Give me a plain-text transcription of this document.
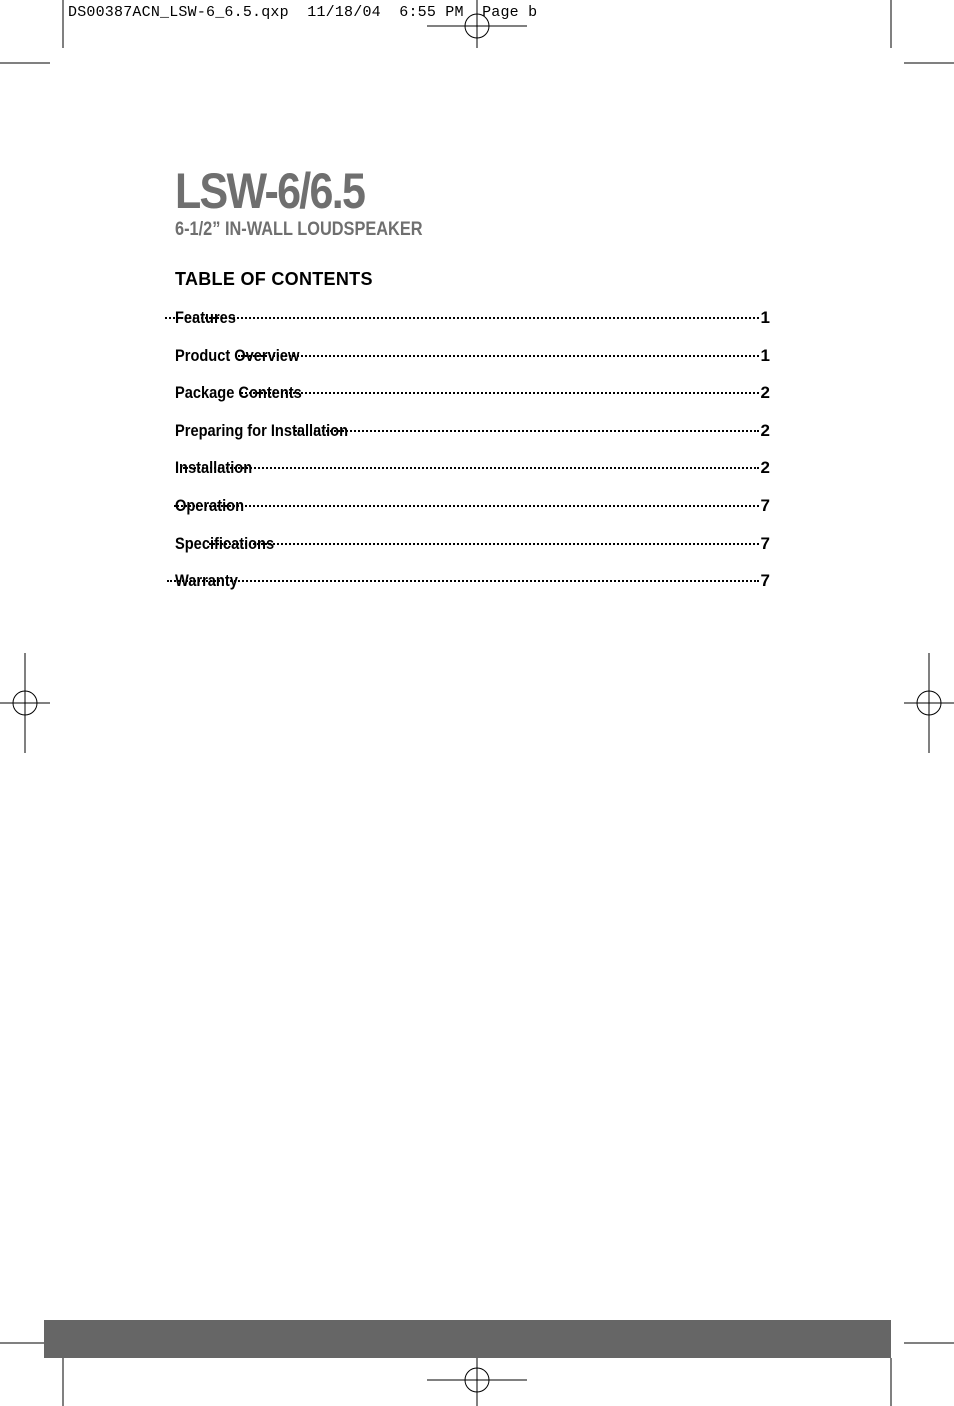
DS00387ACN_LSW-6_6.5.qxp  11/18/04  6:55 PM  Page b
LSW-6/6.5
6-1/2” IN-WALL LOUDSPEAKER
TABLE OF CONTENTS
Features	1
Product Overview	1
Package Contents	2
Preparing for Installation	2
Installation	2
Operation	7
Specifications	7
Warranty	7
